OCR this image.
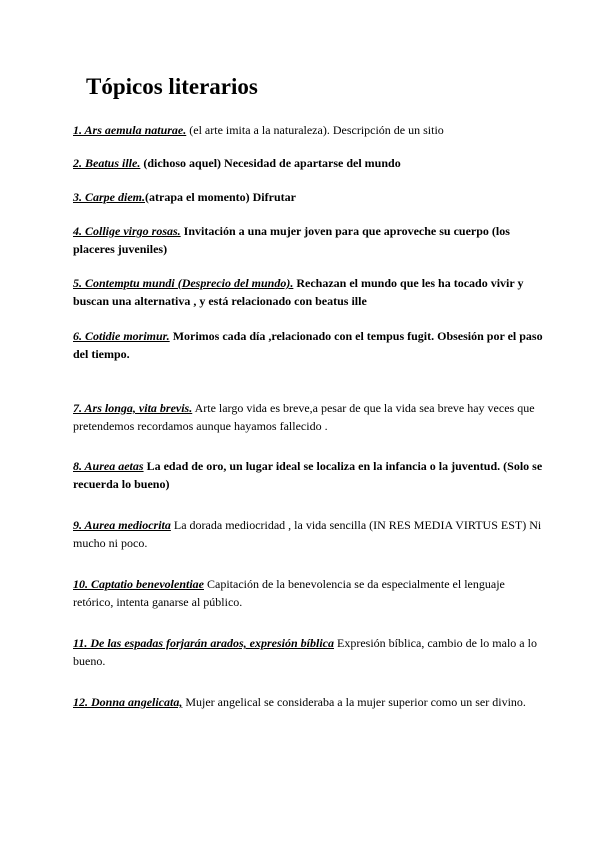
Tópicos literarios

1. Ars aemula naturae. (el arte imita a la naturaleza). Descripción de un sitio

2. Beatus ille. (dichoso aquel) Necesidad de apartarse del mundo

3. Carpe diem.(atrapa el momento) Difrutar

4. Collige virgo rosas. Invitación a una mujer joven para que aproveche su cuerpo (los placeres juveniles)

5. Contemptu mundi (Desprecio del mundo). Rechazan el mundo que les ha tocado vivir y buscan una alternativa , y está relacionado con beatus ille

6. Cotidie morimur. Morimos cada día ,relacionado con el tempus fugit. Obsesión por el paso del tiempo.

7. Ars longa, vita brevis. Arte largo vida es breve,a pesar de que la vida sea breve hay veces que pretendemos recordamos aunque hayamos fallecido .

8. Aurea aetas La edad de oro, un lugar ideal se localiza en la infancia o la juventud. (Solo se recuerda lo bueno)

9. Aurea mediocrita La dorada mediocridad , la vida sencilla (IN RES MEDIA VIRTUS EST) Ni mucho ni poco.

10. Captatio benevolentiae Capitación de la benevolencia se da especialmente el lenguaje retórico, intenta ganarse al público.

11. De las espadas forjarán arados, expresión bíblica Expresión bíblica, cambio de lo malo a lo bueno.

12. Donna angelicata, Mujer angelical se consideraba a la mujer superior como un ser divino.
